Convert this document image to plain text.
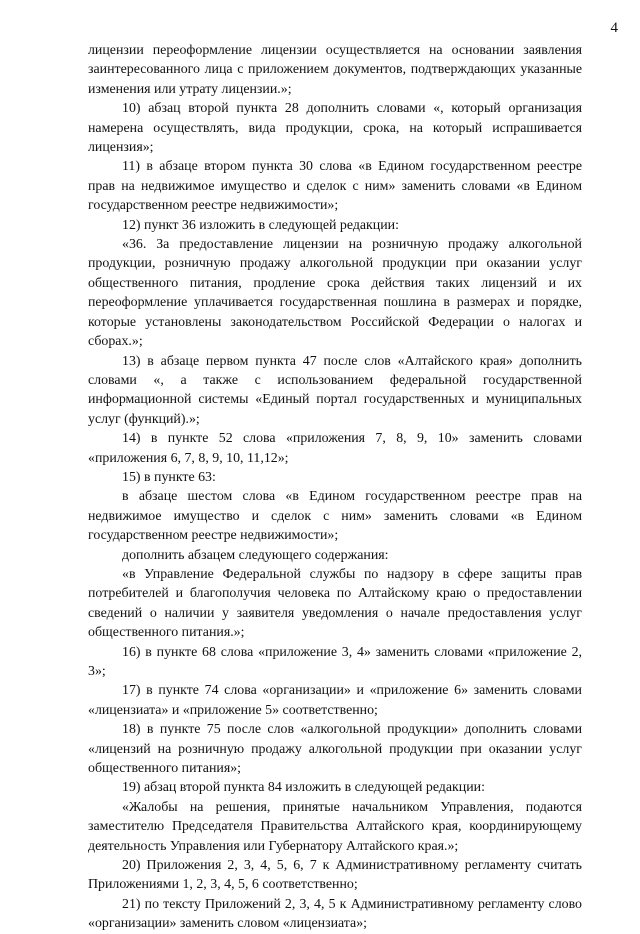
4

лицензии переоформление лицензии осуществляется на основании заявления заинтересованного лица с приложением документов, подтверждающих указанные изменения или утрату лицензии.»;

10) абзац второй пункта 28 дополнить словами «, который организация намерена осуществлять, вида продукции, срока, на который испрашивается лицензия»;

11) в абзаце втором пункта 30 слова «в Едином государственном реестре прав на недвижимое имущество и сделок с ним» заменить словами «в Едином государственном реестре недвижимости»;

12) пункт 36 изложить в следующей редакции:

«36. За предоставление лицензии на розничную продажу алкогольной продукции, розничную продажу алкогольной продукции при оказании услуг общественного питания, продление срока действия таких лицензий и их переоформление уплачивается государственная пошлина в размерах и порядке, которые установлены законодательством Российской Федерации о налогах и сборах.»;

13) в абзаце первом пункта 47 после слов «Алтайского края» дополнить словами «, а также с использованием федеральной государственной информационной системы «Единый портал государственных и муниципальных услуг (функций).»;

14) в пункте 52 слова «приложения 7, 8, 9, 10» заменить словами «приложения 6, 7, 8, 9, 10, 11,12»;

15) в пункте 63:

в абзаце шестом слова «в Едином государственном реестре прав на недвижимое имущество и сделок с ним» заменить словами «в Едином государственном реестре недвижимости»;

дополнить абзацем следующего содержания:

«в Управление Федеральной службы по надзору в сфере защиты прав потребителей и благополучия человека по Алтайскому краю о предоставлении сведений о наличии у заявителя уведомления о начале предоставления услуг общественного питания.»;

16) в пункте 68 слова «приложение 3, 4» заменить словами «приложение 2, 3»;

17) в пункте 74 слова «организации» и «приложение 6» заменить словами «лицензиата» и «приложение 5» соответственно;

18) в пункте 75 после слов «алкогольной продукции» дополнить словами «лицензий на розничную продажу алкогольной продукции при оказании услуг общественного питания»;

19) абзац второй пункта 84 изложить в следующей редакции:

«Жалобы на решения, принятые начальником Управления, подаются заместителю Председателя Правительства Алтайского края, координирующему деятельность Управления или Губернатору Алтайского края.»;

20) Приложения 2, 3, 4, 5, 6, 7 к Административному регламенту считать Приложениями 1, 2, 3, 4, 5, 6 соответственно;

21) по тексту Приложений 2, 3, 4, 5 к Административному регламенту слово «организации» заменить словом «лицензиата»;
